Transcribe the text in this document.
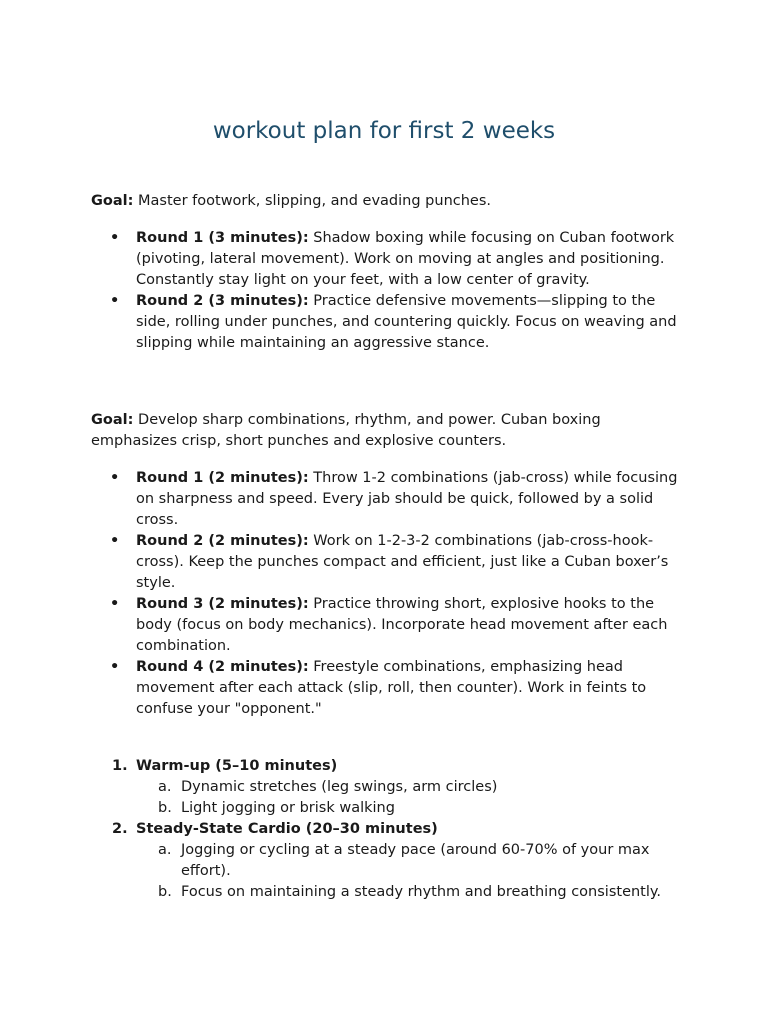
workout plan for first 2 weeks

Goal: Master footwork, slipping, and evading punches.

• Round 1 (3 minutes): Shadow boxing while focusing on Cuban footwork (pivoting, lateral movement). Work on moving at angles and positioning. Constantly stay light on your feet, with a low center of gravity.
• Round 2 (3 minutes): Practice defensive movements—slipping to the side, rolling under punches, and countering quickly. Focus on weaving and slipping while maintaining an aggressive stance.

Goal: Develop sharp combinations, rhythm, and power. Cuban boxing emphasizes crisp, short punches and explosive counters.

• Round 1 (2 minutes): Throw 1-2 combinations (jab-cross) while focusing on sharpness and speed. Every jab should be quick, followed by a solid cross.
• Round 2 (2 minutes): Work on 1-2-3-2 combinations (jab-cross-hook-cross). Keep the punches compact and efficient, just like a Cuban boxer’s style.
• Round 3 (2 minutes): Practice throwing short, explosive hooks to the body (focus on body mechanics). Incorporate head movement after each combination.
• Round 4 (2 minutes): Freestyle combinations, emphasizing head movement after each attack (slip, roll, then counter). Work in feints to confuse your "opponent."
1. Warm-up (5–10 minutes)
a. Dynamic stretches (leg swings, arm circles)
b. Light jogging or brisk walking
2. Steady-State Cardio (20–30 minutes)
a. Jogging or cycling at a steady pace (around 60-70% of your max effort).
b. Focus on maintaining a steady rhythm and breathing consistently.
